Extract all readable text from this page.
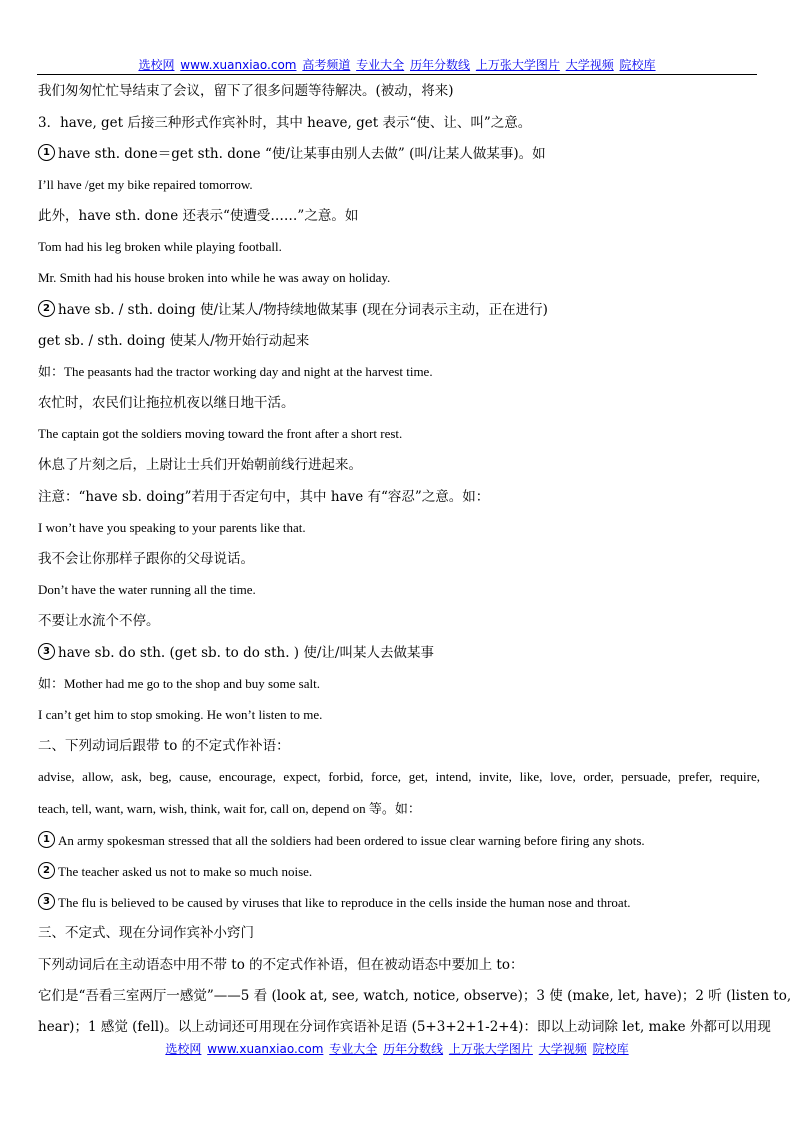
选校网 www.xuanxiao.com 高考频道 专业大全 历年分数线 上万张大学图片 大学视频 院校库
我们匆匆忙忙导结束了会议，留下了很多问题等待解决。(被动，将来)
3．have, get 后接三种形式作宾补时，其中 heave, get 表示“使、让、叫”之意。
1 have sth. done＝get sth. done “使/让某事由别人去做” (叫/让某人做某事)。如
I’ll have /get my bike repaired tomorrow.
此外，have sth. done 还表示“使遭受……”之意。如
Tom had his leg broken while playing football.
Mr. Smith had his house broken into while he was away on holiday.
2 have sb. / sth. doing 使/让某人/物持续地做某事 (现在分词表示主动，正在进行)
get sb. / sth. doing 使某人/物开始行动起来
如：The peasants had the tractor working day and night at the harvest time.
农忙时，农民们让拖拉机夜以继日地干活。
The captain got the soldiers moving toward the front after a short rest.
休息了片刻之后，上尉让士兵们开始朝前线行进起来。
注意：“have sb. doing”若用于否定句中，其中 have 有“容忍”之意。如：
I won’t have you speaking to your parents like that.
我不会让你那样子跟你的父母说话。
Don’t have the water running all the time.
不要让水流个不停。
3 have sb. do sth. (get sb. to do sth. ) 使/让/叫某人去做某事
如：Mother had me go to the shop and buy some salt.
I can’t get him to stop smoking. He won’t listen to me.
二、下列动词后跟带 to 的不定式作补语：
advise, allow, ask, beg, cause, encourage, expect, forbid, force, get, intend, invite, like, love, order, persuade, prefer, require,
teach, tell, want, warn, wish, think, wait for, call on, depend on 等。如：
1 An army spokesman stressed that all the soldiers had been ordered to issue clear warning before firing any shots.
2 The teacher asked us not to make so much noise.
3 The flu is believed to be caused by viruses that like to reproduce in the cells inside the human nose and throat.
三、不定式、现在分词作宾补小窍门
下列动词后在主动语态中用不带 to 的不定式作补语，但在被动语态中要加上 to：
它们是“吾看三室两厅一感觉”——5 看 (look at, see, watch, notice, observe)；3 使 (make, let, have)；2 听 (listen to,
hear)；1 感觉 (fell)。以上动词还可用现在分词作宾语补足语 (5+3+2+1-2+4)：即以上动词除 let, make 外都可以用现
选校网 www.xuanxiao.com 专业大全 历年分数线 上万张大学图片 大学视频 院校库
